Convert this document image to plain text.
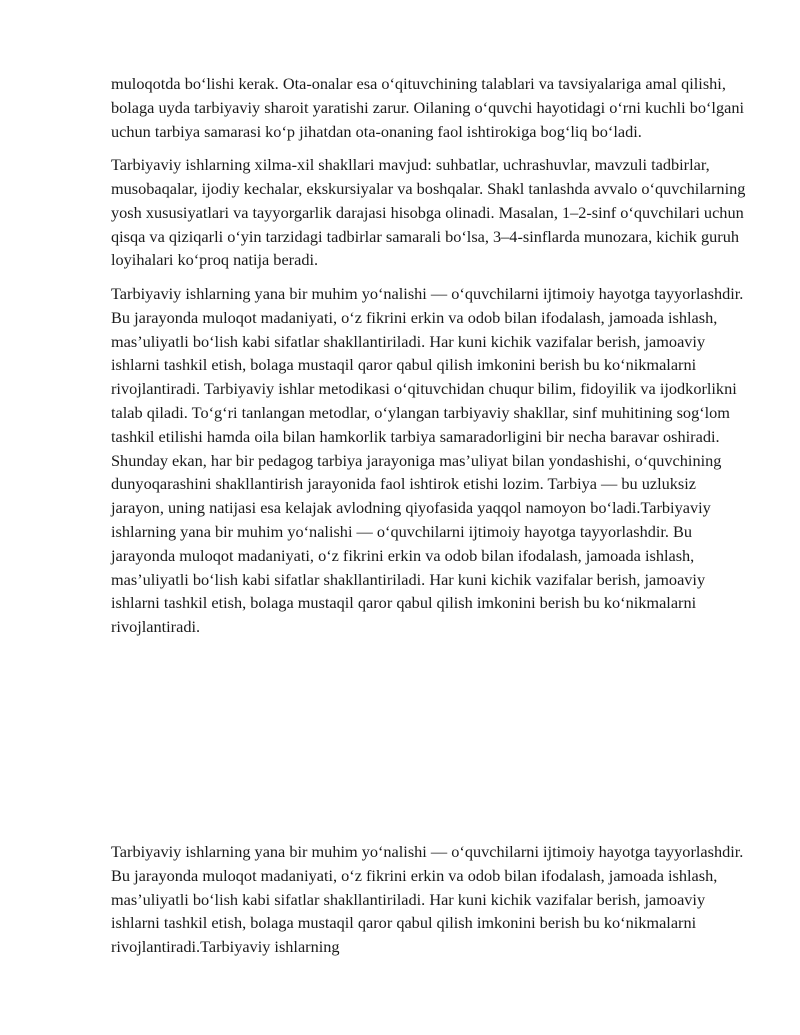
muloqotda bo‘lishi kerak. Ota-onalar esa o‘qituvchining talablari va tavsiyalariga amal qilishi, bolaga uyda tarbiyaviy sharoit yaratishi zarur. Oilaning o‘quvchi hayotidagi o‘rni kuchli bo‘lgani uchun tarbiya samarasi ko‘p jihatdan ota-onaning faol ishtirokiga bog‘liq bo‘ladi.

Tarbiyaviy ishlarning xilma-xil shakllari mavjud: suhbatlar, uchrashuvlar, mavzuli tadbirlar, musobaqalar, ijodiy kechalar, ekskursiyalar va boshqalar. Shakl tanlashda avvalo o‘quvchilarning yosh xususiyatlari va tayyorgarlik darajasi hisobga olinadi. Masalan, 1–2-sinf o‘quvchilari uchun qisqa va qiziqarli o‘yin tarzidagi tadbirlar samarali bo‘lsa, 3–4-sinflarda munozara, kichik guruh loyihalari ko‘proq natija beradi.

Tarbiyaviy ishlarning yana bir muhim yo‘nalishi — o‘quvchilarni ijtimoiy hayotga tayyorlashdir. Bu jarayonda muloqot madaniyati, o‘z fikrini erkin va odob bilan ifodalash, jamoada ishlash, mas’uliyatli bo‘lish kabi sifatlar shakllantiriladi. Har kuni kichik vazifalar berish, jamoaviy ishlarni tashkil etish, bolaga mustaqil qaror qabul qilish imkonini berish bu ko‘nikmalarni rivojlantiradi. Tarbiyaviy ishlar metodikasi o‘qituvchidan chuqur bilim, fidoyilik va ijodkorlikni talab qiladi. To‘g‘ri tanlangan metodlar, o‘ylangan tarbiyaviy shakllar, sinf muhitining sog‘lom tashkil etilishi hamda oila bilan hamkorlik tarbiya samaradorligini bir necha baravar oshiradi. Shunday ekan, har bir pedagog tarbiya jarayoniga mas’uliyat bilan yondashishi, o‘quvchining dunyoqarashini shakllantirish jarayonida faol ishtirok etishi lozim. Tarbiya — bu uzluksiz jarayon, uning natijasi esa kelajak avlodning qiyofasida yaqqol namoyon bo‘ladi.Tarbiyaviy ishlarning yana bir muhim yo‘nalishi — o‘quvchilarni ijtimoiy hayotga tayyorlashdir. Bu jarayonda muloqot madaniyati, o‘z fikrini erkin va odob bilan ifodalash, jamoada ishlash, mas’uliyatli bo‘lish kabi sifatlar shakllantiriladi. Har kuni kichik vazifalar berish, jamoaviy ishlarni tashkil etish, bolaga mustaqil qaror qabul qilish imkonini berish bu ko‘nikmalarni rivojlantiradi.

Tarbiyaviy ishlarning yana bir muhim yo‘nalishi — o‘quvchilarni ijtimoiy hayotga tayyorlashdir. Bu jarayonda muloqot madaniyati, o‘z fikrini erkin va odob bilan ifodalash, jamoada ishlash, mas’uliyatli bo‘lish kabi sifatlar shakllantiriladi. Har kuni kichik vazifalar berish, jamoaviy ishlarni tashkil etish, bolaga mustaqil qaror qabul qilish imkonini berish bu ko‘nikmalarni rivojlantiradi.Tarbiyaviy ishlarning
